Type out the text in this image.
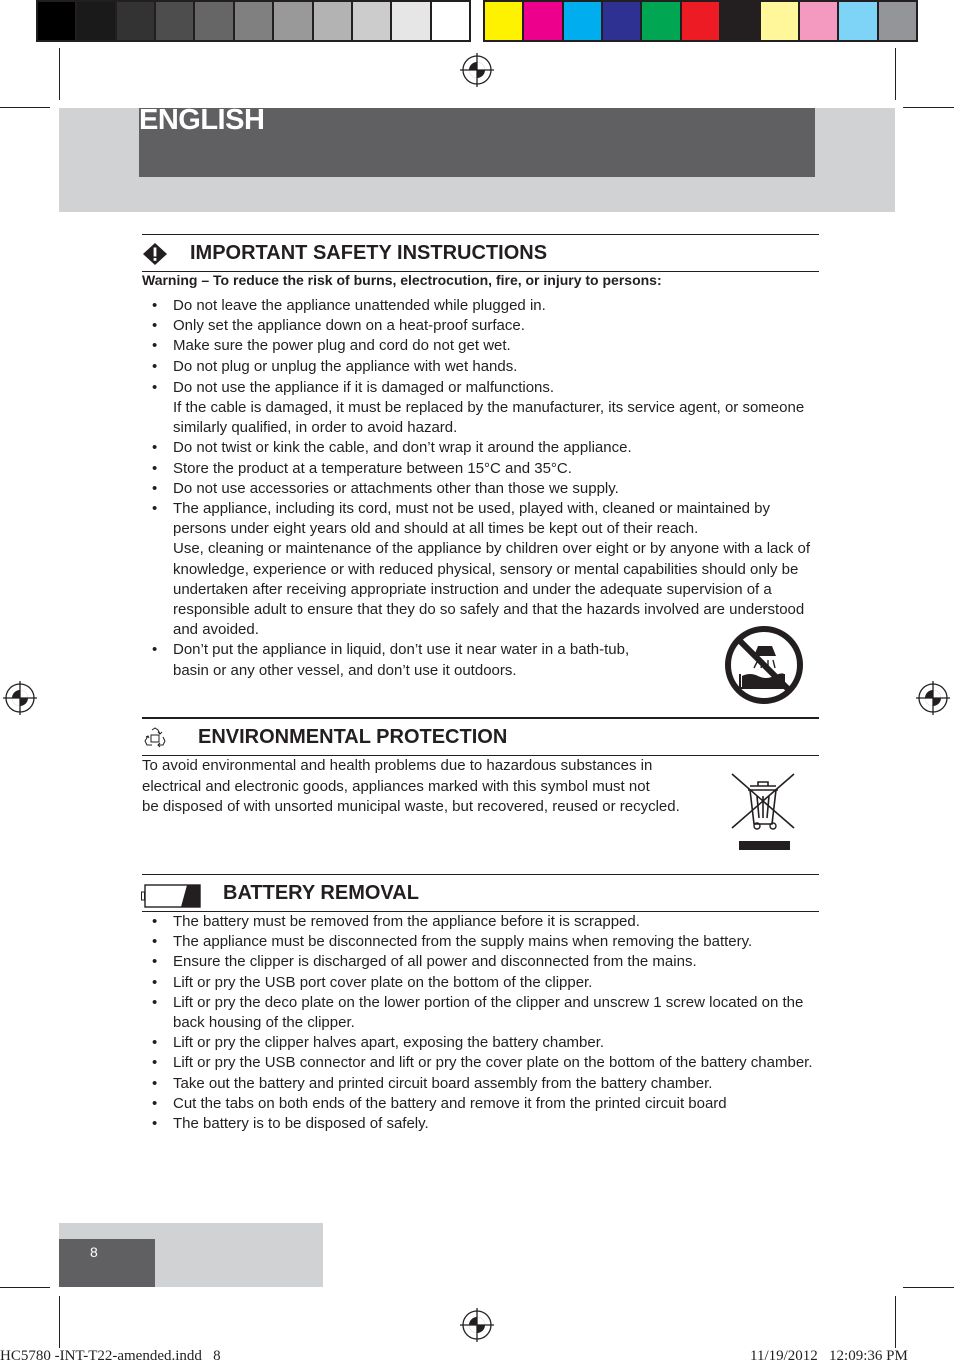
ENGLISH
IMPORTANT SAFETY INSTRUCTIONS
Warning – To reduce the risk of burns, electrocution, fire, or injury to persons:
• Do not leave the appliance unattended while plugged in.
• Only set the appliance down on a heat-proof surface.
• Make sure the power plug and cord do not get wet.
• Do not plug or unplug the appliance with wet hands.
• Do not use the appliance if it is damaged or malfunctions.
If the cable is damaged, it must be replaced by the manufacturer, its service agent, or someone similarly qualified, in order to avoid hazard.
• Do not twist or kink the cable, and don’t wrap it around the appliance.
• Store the product at a temperature between 15°C and 35°C.
• Do not use accessories or attachments other than those we supply.
• The appliance, including its cord, must not be used, played with, cleaned or maintained by persons under eight years old and should at all times be kept out of their reach.
Use, cleaning or maintenance of the appliance by children over eight or by anyone with a lack of knowledge, experience or with reduced physical, sensory or mental capabilities should only be undertaken after receiving appropriate instruction and under the adequate supervision of a responsible adult to ensure that they do so safely and that the hazards involved are understood and avoided.
• Don’t put the appliance in liquid, don’t use it near water in a bath-tub,
basin or any other vessel, and don’t use it outdoors.
ENVIRONMENTAL PROTECTION
To avoid environmental and health problems due to hazardous substances in
electrical and electronic goods, appliances marked with this symbol must not
be disposed of with unsorted municipal waste, but recovered, reused or recycled.
BATTERY REMOVAL
• The battery must be removed from the appliance before it is scrapped.
• The appliance must be disconnected from the supply mains when removing the battery.
• Ensure the clipper is discharged of all power and disconnected from the mains.
• Lift or pry the USB port cover plate on the bottom of the clipper.
• Lift or pry the deco plate on the lower portion of the clipper and unscrew 1 screw located on the back housing of the clipper.
• Lift or pry the clipper halves apart, exposing the battery chamber.
• Lift or pry the USB connector and lift or pry the cover plate on the bottom of the battery chamber.
• Take out the battery and printed circuit board assembly from the battery chamber.
• Cut the tabs on both ends of the battery and remove it from the printed circuit board
• The battery is to be disposed of safely.
8
HC5780 -INT-T22-amended.indd   8	11/19/2012   12:09:36 PM
